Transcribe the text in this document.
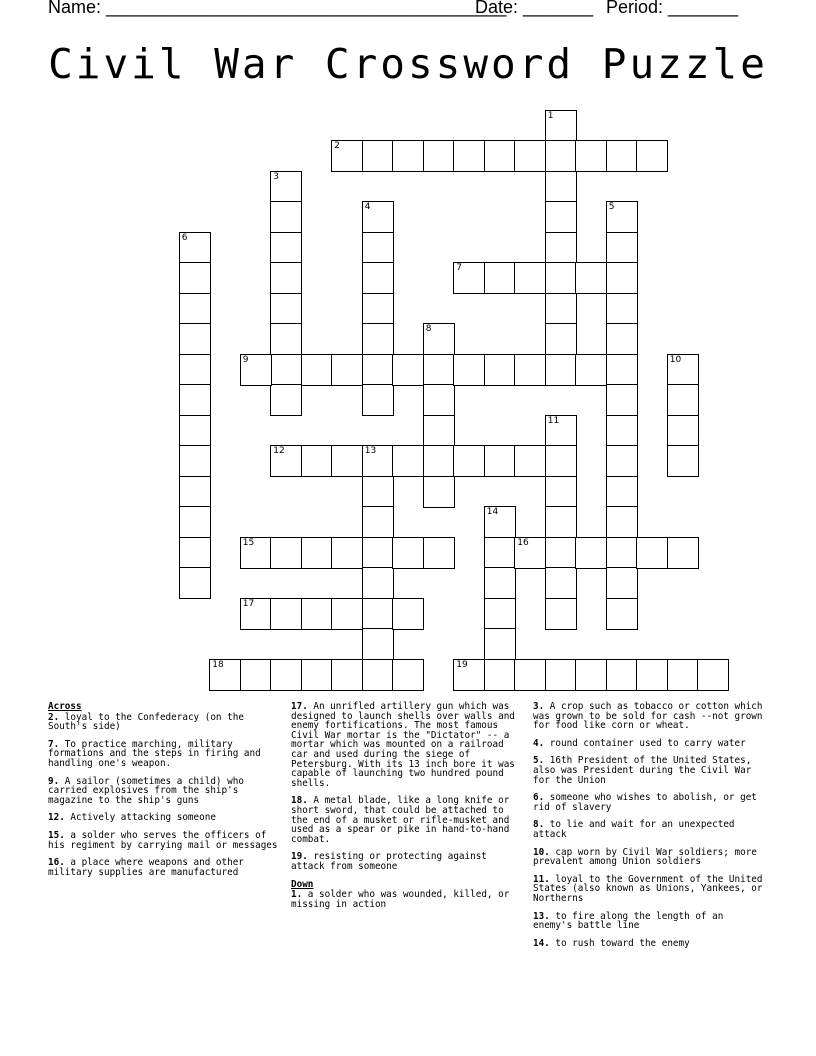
Name: ________________________________________
Date: _______ Period: _______
Civil War Crossword Puzzle
1
2
3
4	5
6
7
8
9	10
11
12	13
14
15	16
17
18	19
Across
2. loyal to the Confederacy (on the South's side)
7. To practice marching, military formations and the steps in firing and handling one's weapon.
9. A sailor (sometimes a child) who carried explosives from the ship's magazine to the ship's guns
12. Actively attacking someone
15. a solder who serves the officers of his regiment by carrying mail or messages
16. a place where weapons and other military supplies are manufactured
17. An unrifled artillery gun which was designed to launch shells over walls and enemy fortifications. The most famous Civil War mortar is the "Dictator" -- a mortar which was mounted on a railroad car and used during the siege of Petersburg. With its 13 inch bore it was capable of launching two hundred pound shells.
18. A metal blade, like a long knife or short sword, that could be attached to the end of a musket or rifle-musket and used as a spear or pike in hand-to-hand combat.
19. resisting or protecting against attack from someone
Down
1. a solder who was wounded, killed, or missing in action
3. A crop such as tobacco or cotton which was grown to be sold for cash --not grown for food like corn or wheat.
4. round container used to carry water
5. 16th President of the United States, also was President during the Civil War for the Union
6. someone who wishes to abolish, or get rid of slavery
8. to lie and wait for an unexpected attack
10. cap worn by Civil War soldiers; more prevalent among Union soldiers
11. loyal to the Government of the United States (also known as Unions, Yankees, or Northerns
13. to fire along the length of an enemy's battle line
14. to rush toward the enemy
